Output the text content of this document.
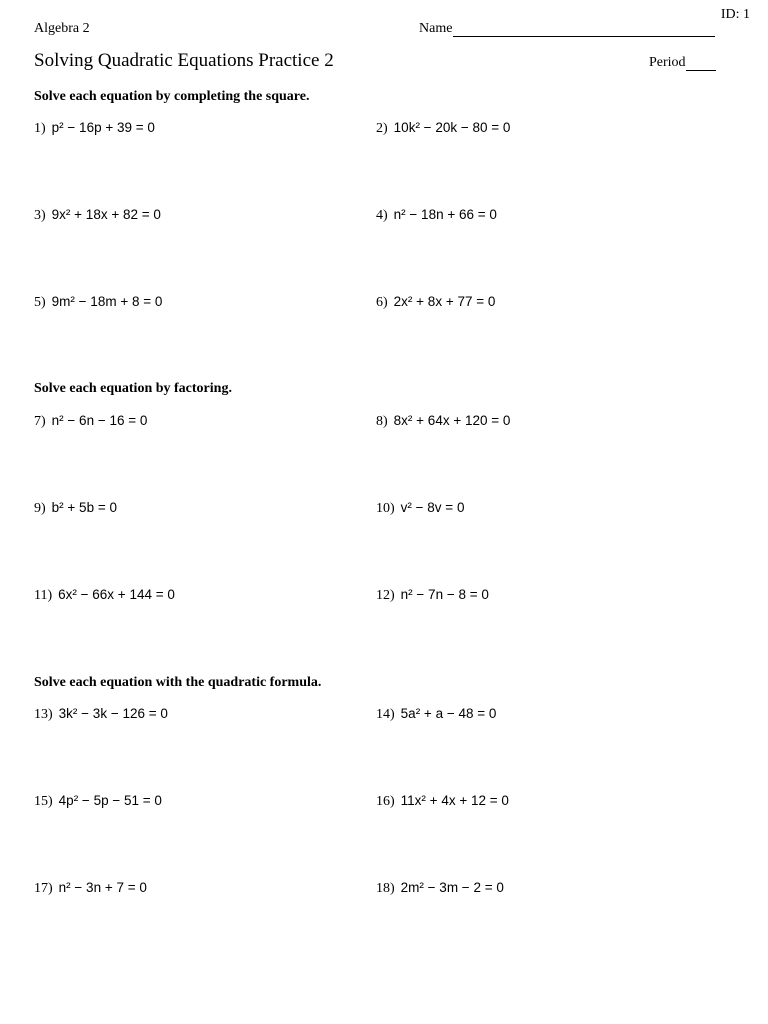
ID: 1
Algebra 2	Name
Solving Quadratic Equations Practice 2	Period
Solve each equation by completing the square.
1) p² − 16p + 39 = 0	2) 10k² − 20k − 80 = 0
3) 9x² + 18x + 82 = 0	4) n² − 18n + 66 = 0
5) 9m² − 18m + 8 = 0	6) 2x² + 8x + 77 = 0
Solve each equation by factoring.
7) n² − 6n − 16 = 0	8) 8x² + 64x + 120 = 0
9) b² + 5b = 0	10) v² − 8v = 0
11) 6x² − 66x + 144 = 0	12) n² − 7n − 8 = 0
Solve each equation with the quadratic formula.
13) 3k² − 3k − 126 = 0	14) 5a² + a − 48 = 0
15) 4p² − 5p − 51 = 0	16) 11x² + 4x + 12 = 0
17) n² − 3n + 7 = 0	18) 2m² − 3m − 2 = 0
